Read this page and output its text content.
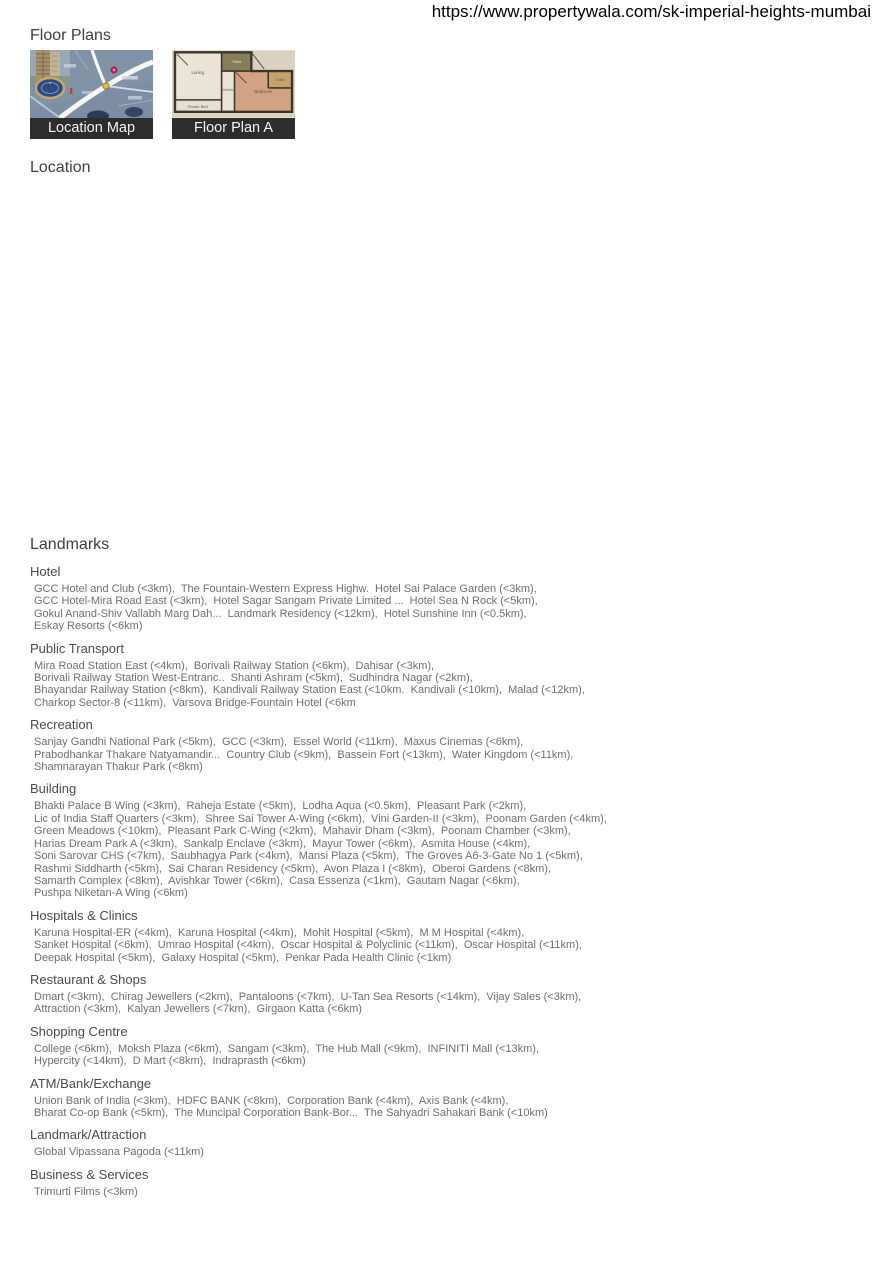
https://www.propertywala.com/sk-imperial-heights-mumbai
Floor Plans
Location Map
Living
Toilet
Toilet
Kitchen	Bedroom
Flower Bed
Floor Plan A
Location
Landmarks
Hotel
GCC Hotel and Club (<3km),  The Fountain-Western Express Highw.  Hotel Sai Palace Garden (<3km),
GCC Hotel-Mira Road East (<3km),  Hotel Sagar Sangam Private Limited ...  Hotel Sea N Rock (<5km),
Gokul Anand-Shiv Vallabh Marg Dah...  Landmark Residency (<12km),  Hotel Sunshine Inn (<0.5km),
Eskay Resorts (<6km)
Public Transport
Mira Road Station East (<4km),  Borivali Railway Station (<6km),  Dahisar (<3km),
Borivali Railway Station West-Entranc..  Shanti Ashram (<5km),  Sudhindra Nagar (<2km),
Bhayandar Railway Station (<8km),  Kandivali Railway Station East (<10km.  Kandivali (<10km),  Malad (<12km),
Charkop Sector-8 (<11km),  Varsova Bridge-Fountain Hotel (<6km
Recreation
Sanjay Gandhi National Park (<5km),  GCC (<3km),  Essel World (<11km),  Maxus Cinemas (<6km),
Prabodhankar Thakare Natyamandir...  Country Club (<9km),  Bassein Fort (<13km),  Water Kingdom (<11km),
Shamnarayan Thakur Park (<8km)
Building
Bhakti Palace B Wing (<3km),  Raheja Estate (<5km),  Lodha Aqua (<0.5km),  Pleasant Park (<2km),
Lic of India Staff Quarters (<3km),  Shree Sai Tower A-Wing (<6km),  Vini Garden-II (<3km),  Poonam Garden (<4km),
Green Meadows (<10km),  Pleasant Park C-Wing (<2km),  Mahavir Dham (<3km),  Poonam Chamber (<3km),
Harias Dream Park A (<3km),  Sankalp Enclave (<3km),  Mayur Tower (<6km),  Asmita House (<4km),
Soni Sarovar CHS (<7km),  Saubhagya Park (<4km),  Mansi Plaza (<5km),  The Groves A6-3-Gate No 1 (<5km),
Rashmi Siddharth (<5km),  Sai Charan Residency (<5km),  Avon Plaza I (<8km),  Oberoi Gardens (<8km),
Samarth Complex (<8km),  Avishkar Tower (<6km),  Casa Essenza (<1km),  Gautam Nagar (<6km),
Pushpa Niketan-A Wing (<6km)
Hospitals & Clinics
Karuna Hospital-ER (<4km),  Karuna Hospital (<4km),  Mohit Hospital (<5km),  M M Hospital (<4km),
Sanket Hospital (<6km),  Umrao Hospital (<4km),  Oscar Hospital & Polyclinic (<11km),  Oscar Hospital (<11km),
Deepak Hospital (<5km),  Galaxy Hospital (<5km),  Penkar Pada Health Clinic (<1km)
Restaurant & Shops
Dmart (<3km),  Chirag Jewellers (<2km),  Pantaloons (<7km),  U-Tan Sea Resorts (<14km),  Vijay Sales (<3km),
Attraction (<3km),  Kalyan Jewellers (<7km),  Girgaon Katta (<6km)
Shopping Centre
College (<6km),  Moksh Plaza (<6km),  Sangam (<3km),  The Hub Mall (<9km),  INFINITI Mall (<13km),
Hypercity (<14km),  D Mart (<8km),  Indraprasth (<6km)
ATM/Bank/Exchange
Union Bank of India (<3km),  HDFC BANK (<8km),  Corporation Bank (<4km),  Axis Bank (<4km),
Bharat Co-op Bank (<5km),  The Muncipal Corporation Bank-Bor...  The Sahyadri Sahakari Bank (<10km)
Landmark/Attraction
Global Vipassana Pagoda (<11km)
Business & Services
Trimurti Films (<3km)
